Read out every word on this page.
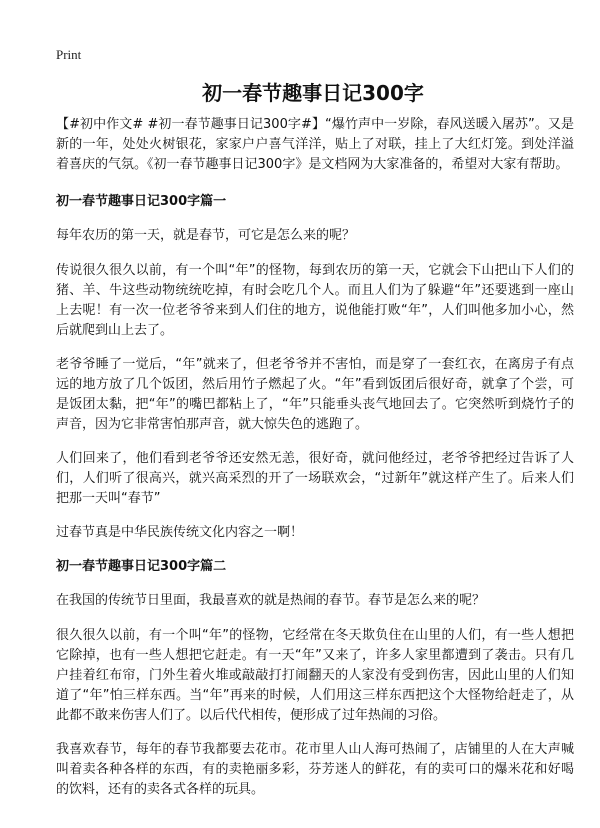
Print
初一春节趣事日记300字

【#初中作文# #初一春节趣事日记300字#】“爆竹声中一岁除，春风送暖入屠苏”。又是新的一年，处处火树银花，家家户户喜气洋洋，贴上了对联，挂上了大红灯笼。到处洋溢着喜庆的气氛。《初一春节趣事日记300字》是文档网为大家准备的，希望对大家有帮助。

初一春节趣事日记300字篇一

每年农历的第一天，就是春节，可它是怎么来的呢？

传说很久很久以前，有一个叫“年”的怪物，每到农历的第一天，它就会下山把山下人们的猪、羊、牛这些动物统统吃掉，有时会吃几个人。而且人们为了躲避“年”还要逃到一座山上去呢！有一次一位老爷爷来到人们住的地方，说他能打败“年”，人们叫他多加小心，然后就爬到山上去了。

老爷爷睡了一觉后，“年”就来了，但老爷爷并不害怕，而是穿了一套红衣，在离房子有点远的地方放了几个饭团，然后用竹子燃起了火。“年”看到饭团后很好奇，就拿了个尝，可是饭团太黏，把“年”的嘴巴都粘上了，“年”只能垂头丧气地回去了。它突然听到烧竹子的声音，因为它非常害怕那声音，就大惊失色的逃跑了。

人们回来了，他们看到老爷爷还安然无恙，很好奇，就问他经过，老爷爷把经过告诉了人们，人们听了很高兴，就兴高采烈的开了一场联欢会，“过新年”就这样产生了。后来人们把那一天叫“春节”

过春节真是中华民族传统文化内容之一啊！

初一春节趣事日记300字篇二

在我国的传统节日里面，我最喜欢的就是热闹的春节。春节是怎么来的呢？

很久很久以前，有一个叫“年”的怪物，它经常在冬天欺负住在山里的人们，有一些人想把它除掉，也有一些人想把它赶走。有一天“年”又来了，许多人家里都遭到了袭击。只有几户挂着红布帘，门外生着火堆或敲敲打打闹翻天的人家没有受到伤害，因此山里的人们知道了“年”怕三样东西。当“年”再来的时候，人们用这三样东西把这个大怪物给赶走了，从此都不敢来伤害人们了。以后代代相传，便形成了过年热闹的习俗。

我喜欢春节，每年的春节我都要去花市。花市里人山人海可热闹了，店铺里的人在大声喊叫着卖各种各样的东西，有的卖艳丽多彩，芬芳迷人的鲜花，有的卖可口的爆米花和好喝的饮料，还有的卖各式各样的玩具。
